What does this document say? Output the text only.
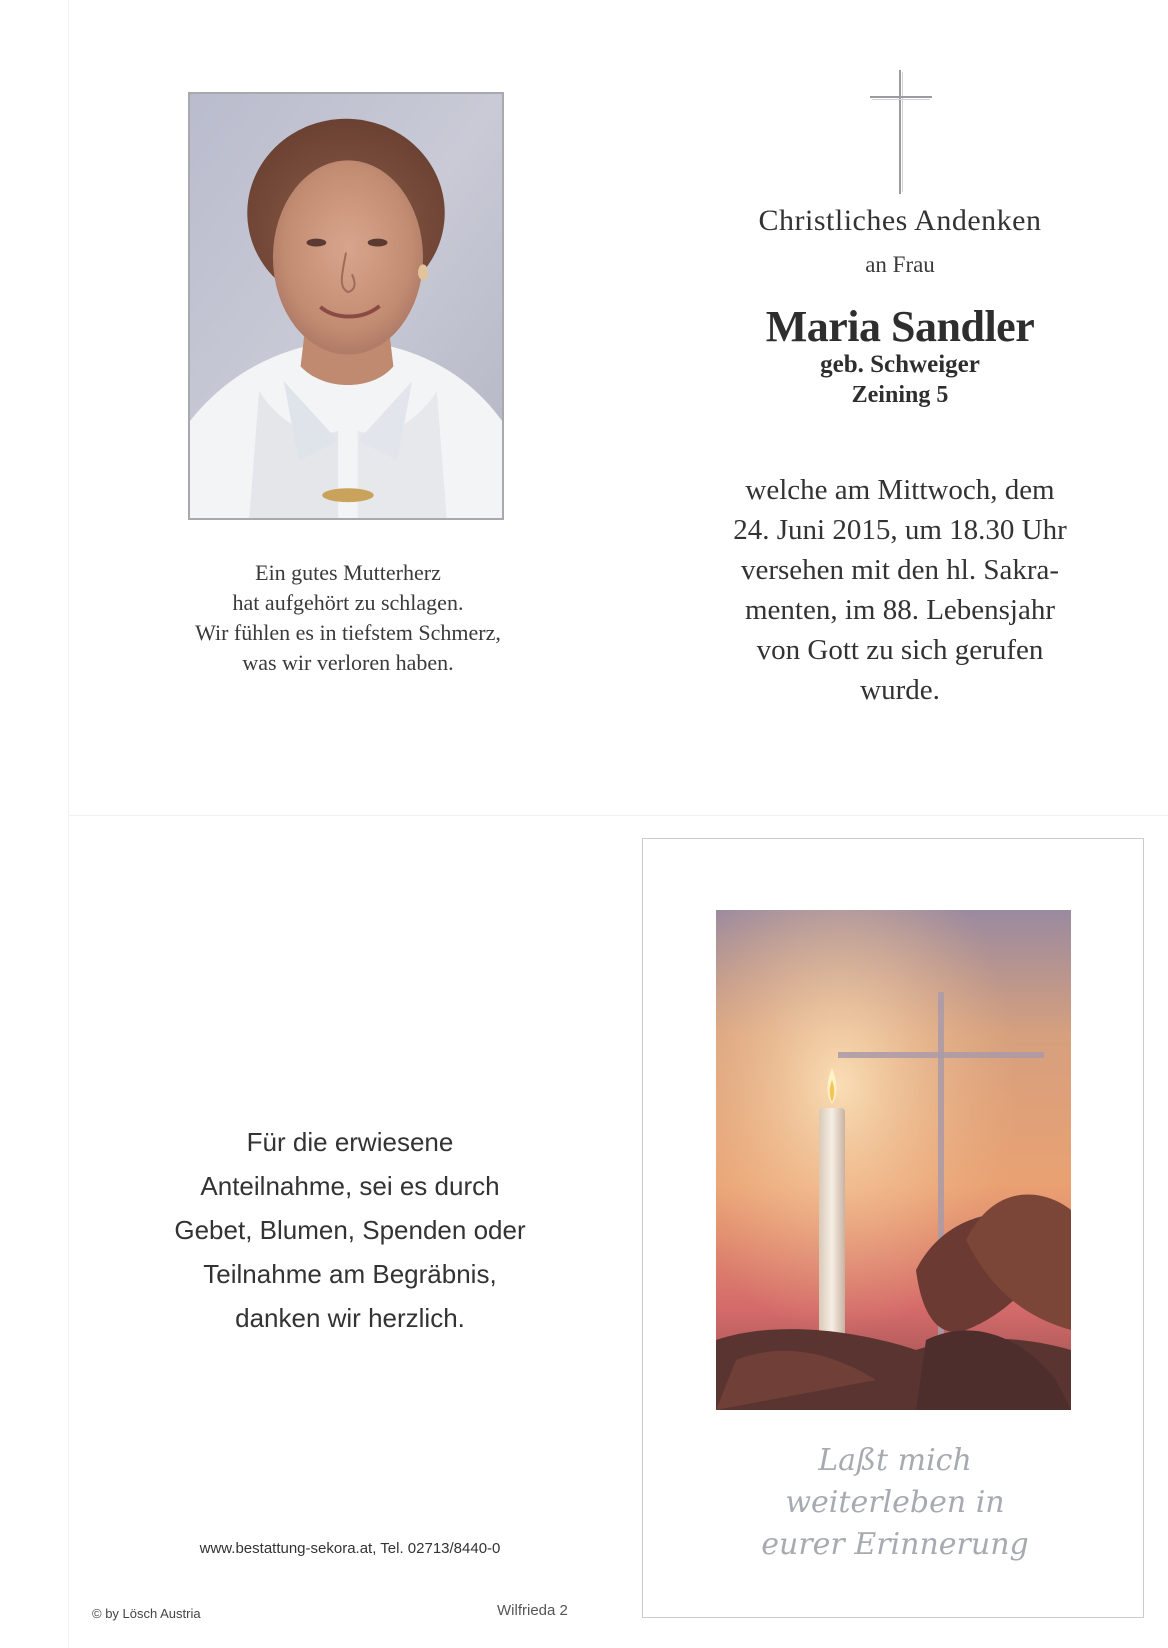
Ein gutes Mutterherz
hat aufgehört zu schlagen.
Wir fühlen es in tiefstem Schmerz,
was wir verloren haben.
Christliches Andenken
an Frau
Maria Sandler
geb. Schweiger
Zeining 5
welche am Mittwoch, dem
24. Juni 2015, um 18.30 Uhr
versehen mit den hl. Sakra-
menten, im 88. Lebensjahr
von Gott zu sich gerufen
wurde.
Für die erwiesene
Anteilnahme, sei es durch
Gebet, Blumen, Spenden oder
Teilnahme am Begräbnis,
danken wir herzlich.
www.bestattung-sekora.at, Tel. 02713/8440-0
© by Lösch Austria	Wilfrieda 2
Laßt mich
weiterleben in
eurer Erinnerung
